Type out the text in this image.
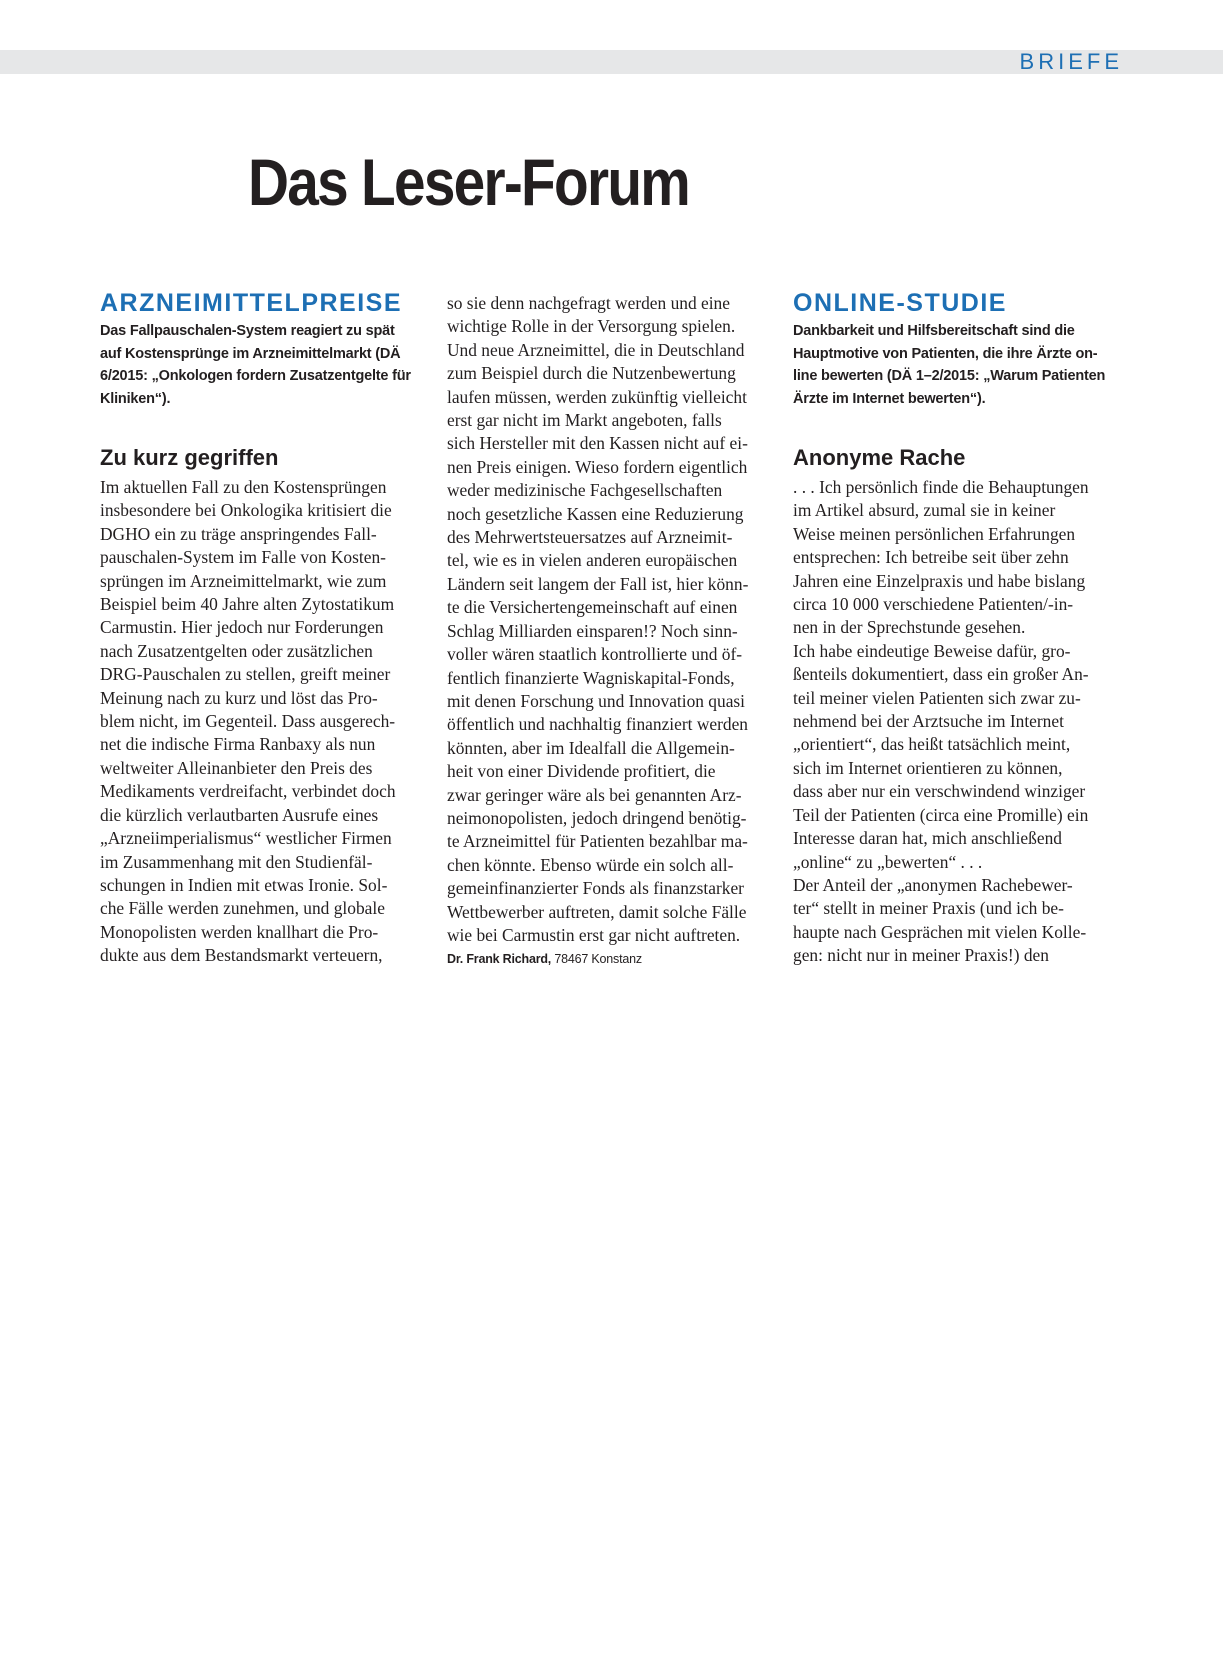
BRIEFE
Das Leser-Forum
ARZNEIMITTELPREISE
Das Fallpauschalen-System reagiert zu spät
auf Kostensprünge im Arzneimittelmarkt (DÄ
6/2015: „Onkologen fordern Zusatzentgelte für
Kliniken“).
Zu kurz gegriffen
Im aktuellen Fall zu den Kostensprüngen
insbesondere bei Onkologika kritisiert die
DGHO ein zu träge anspringendes Fall-
pauschalen-System im Falle von Kosten-
sprüngen im Arzneimittelmarkt, wie zum
Beispiel beim 40 Jahre alten Zytostatikum
Carmustin. Hier jedoch nur Forderungen
nach Zusatzentgelten oder zusätzlichen
DRG-Pauschalen zu stellen, greift meiner
Meinung nach zu kurz und löst das Pro-
blem nicht, im Gegenteil. Dass ausgerech-
net die indische Firma Ranbaxy als nun
weltweiter Alleinanbieter den Preis des
Medikaments verdreifacht, verbindet doch
die kürzlich verlautbarten Ausrufe eines
„Arzneiimperialismus“ westlicher Firmen
im Zusammenhang mit den Studienfäl-
schungen in Indien mit etwas Ironie. Sol-
che Fälle werden zunehmen, und globale
Monopolisten werden knallhart die Pro-
dukte aus dem Bestandsmarkt verteuern,
so sie denn nachgefragt werden und eine
wichtige Rolle in der Versorgung spielen.
Und neue Arzneimittel, die in Deutschland
zum Beispiel durch die Nutzenbewertung
laufen müssen, werden zukünftig vielleicht
erst gar nicht im Markt angeboten, falls
sich Hersteller mit den Kassen nicht auf ei-
nen Preis einigen. Wieso fordern eigentlich
weder medizinische Fachgesellschaften
noch gesetzliche Kassen eine Reduzierung
des Mehrwertsteuersatzes auf Arzneimit-
tel, wie es in vielen anderen europäischen
Ländern seit langem der Fall ist, hier könn-
te die Versichertengemeinschaft auf einen
Schlag Milliarden einsparen!? Noch sinn-
voller wären staatlich kontrollierte und öf-
fentlich finanzierte Wagniskapital-Fonds,
mit denen Forschung und Innovation quasi
öffentlich und nachhaltig finanziert werden
könnten, aber im Idealfall die Allgemein-
heit von einer Dividende profitiert, die
zwar geringer wäre als bei genannten Arz-
neimonopolisten, jedoch dringend benötig-
te Arzneimittel für Patienten bezahlbar ma-
chen könnte. Ebenso würde ein solch all-
gemeinfinanzierter Fonds als finanzstarker
Wettbewerber auftreten, damit solche Fälle
wie bei Carmustin erst gar nicht auftreten.
Dr. Frank Richard, 78467 Konstanz
ONLINE-STUDIE
Dankbarkeit und Hilfsbereitschaft sind die
Hauptmotive von Patienten, die ihre Ärzte on-
line bewerten (DÄ 1–2/2015: „Warum Patienten
Ärzte im Internet bewerten“).
Anonyme Rache
. . . Ich persönlich finde die Behauptungen
im Artikel absurd, zumal sie in keiner
Weise meinen persönlichen Erfahrungen
entsprechen: Ich betreibe seit über zehn
Jahren eine Einzelpraxis und habe bislang
circa 10 000 verschiedene Patienten/-in-
nen in der Sprechstunde gesehen.
Ich habe eindeutige Beweise dafür, gro-
ßenteils dokumentiert, dass ein großer An-
teil meiner vielen Patienten sich zwar zu-
nehmend bei der Arztsuche im Internet
„orientiert“, das heißt tatsächlich meint,
sich im Internet orientieren zu können,
dass aber nur ein verschwindend winziger
Teil der Patienten (circa eine Promille) ein
Interesse daran hat, mich anschließend
„online“ zu „bewerten“ . . .
Der Anteil der „anonymen Rachebewer-
ter“ stellt in meiner Praxis (und ich be-
haupte nach Gesprächen mit vielen Kolle-
gen: nicht nur in meiner Praxis!) den
